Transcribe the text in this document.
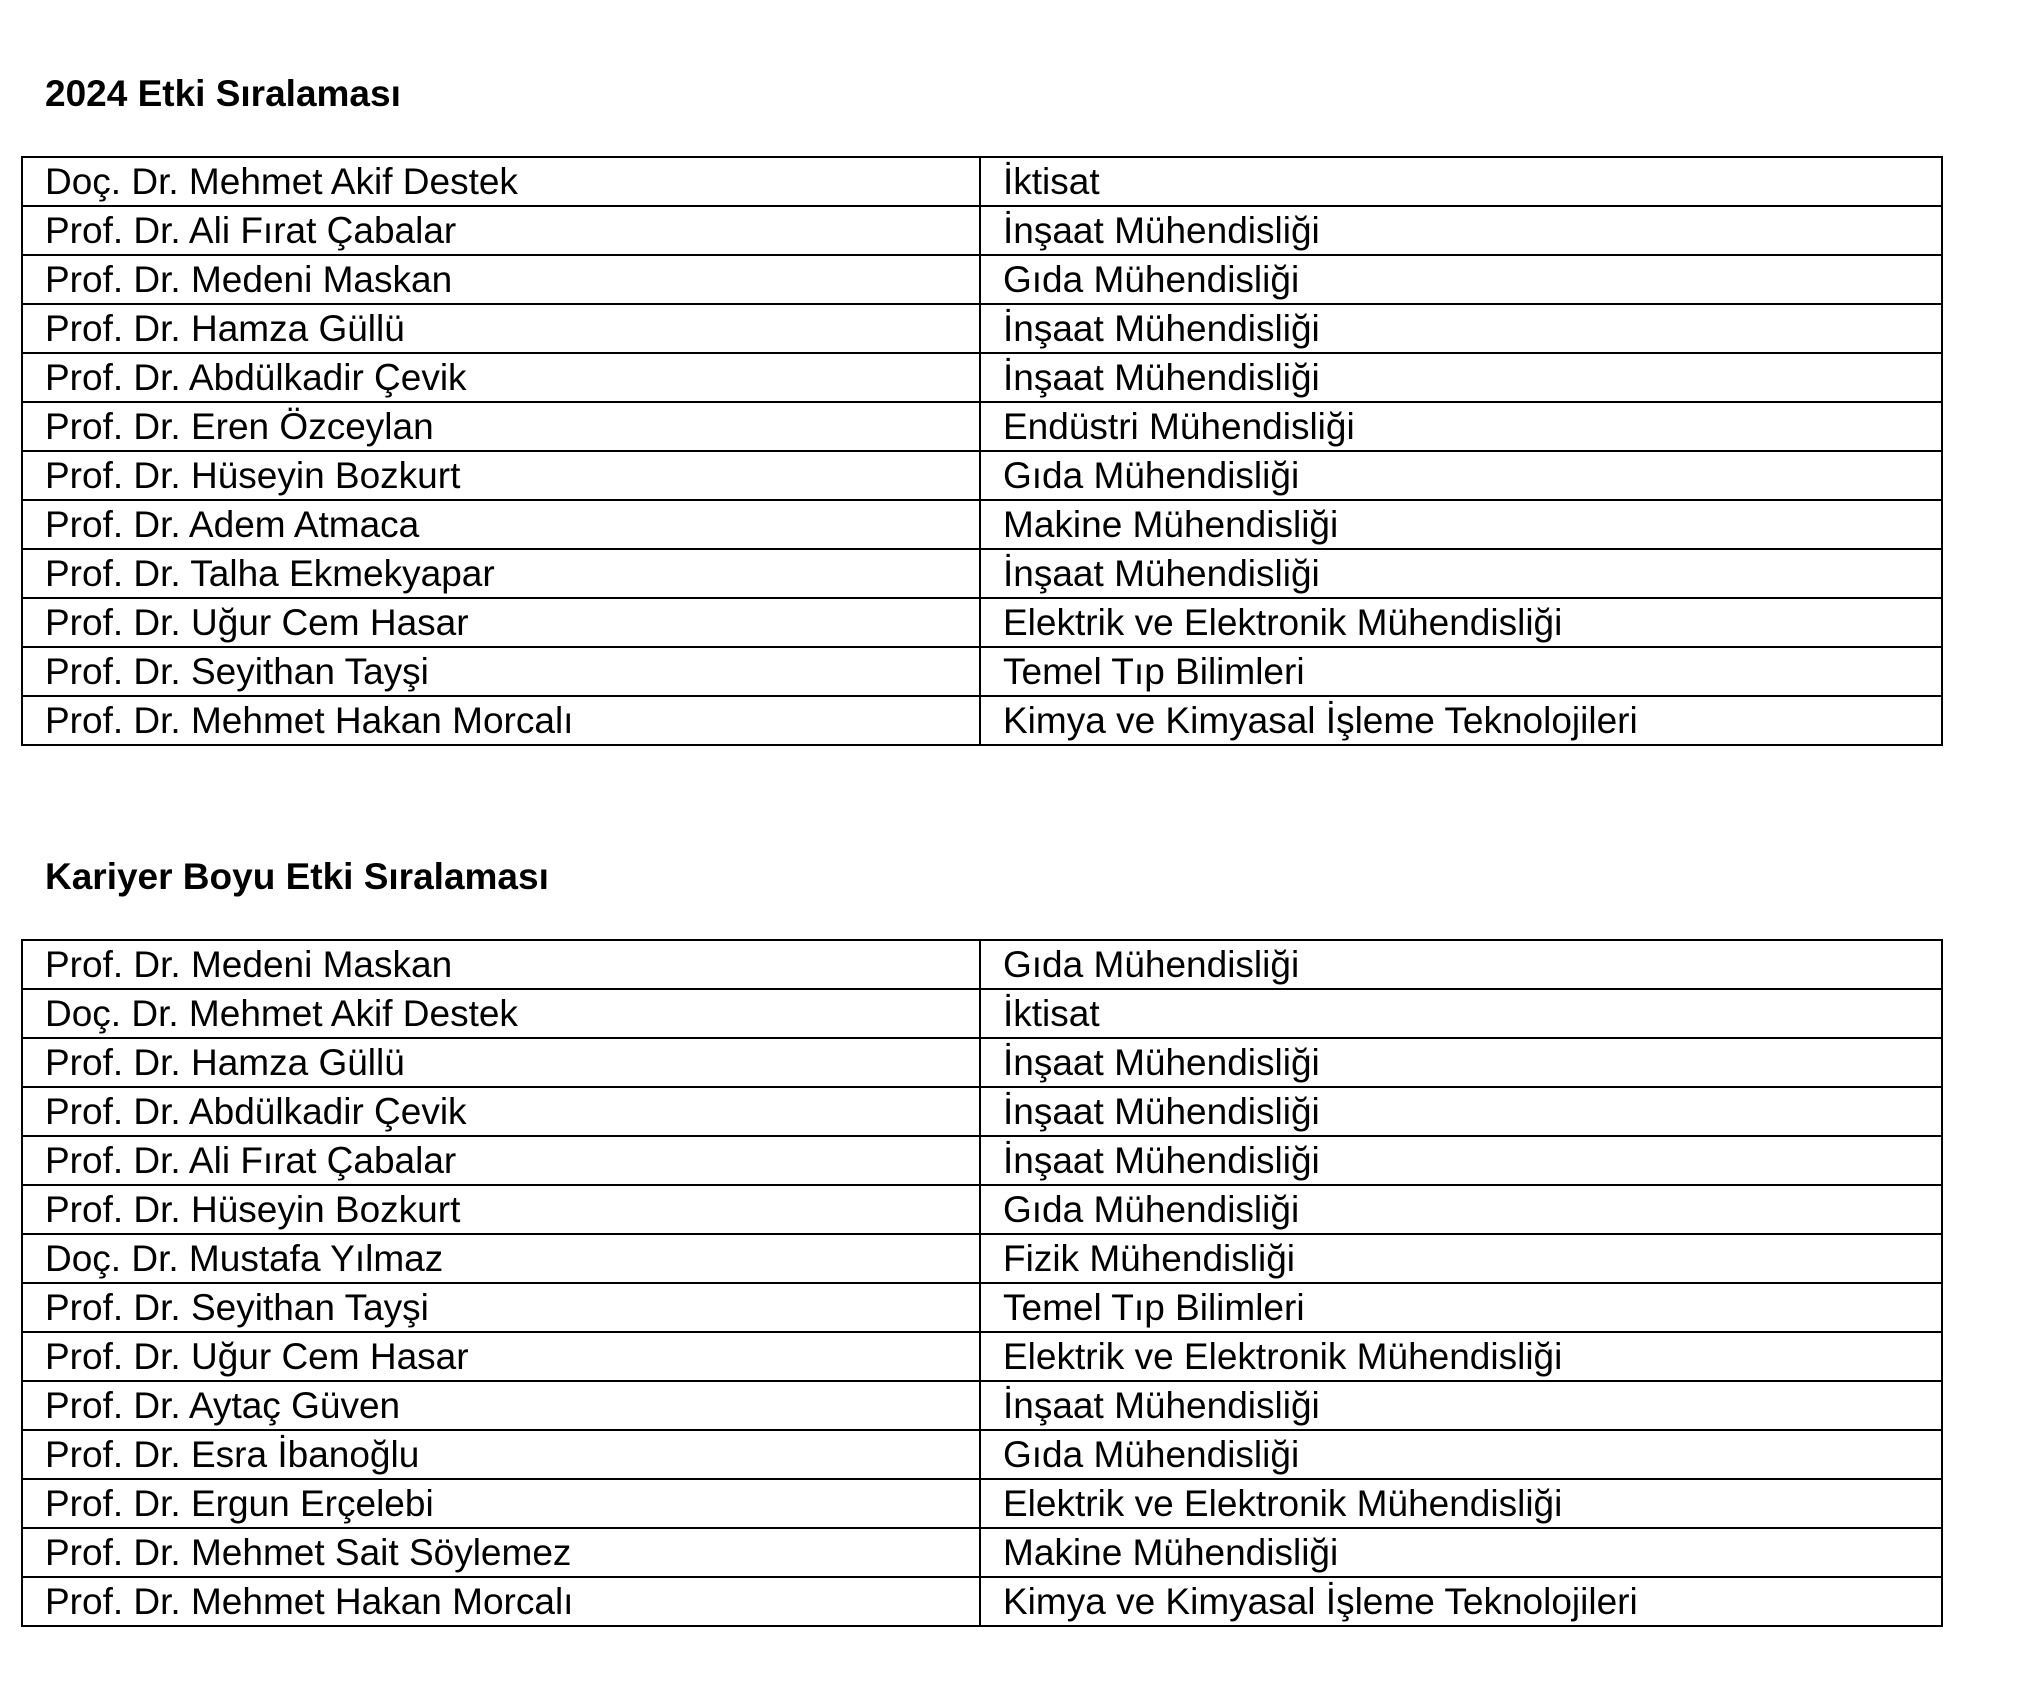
2024 Etki Sıralaması
Doç. Dr. Mehmet Akif Destek	İktisat
Prof. Dr. Ali Fırat Çabalar	İnşaat Mühendisliği
Prof. Dr. Medeni Maskan	Gıda Mühendisliği
Prof. Dr. Hamza Güllü	İnşaat Mühendisliği
Prof. Dr. Abdülkadir Çevik	İnşaat Mühendisliği
Prof. Dr. Eren Özceylan	Endüstri Mühendisliği
Prof. Dr. Hüseyin Bozkurt	Gıda Mühendisliği
Prof. Dr. Adem Atmaca	Makine Mühendisliği
Prof. Dr. Talha Ekmekyapar	İnşaat Mühendisliği
Prof. Dr. Uğur Cem Hasar	Elektrik ve Elektronik Mühendisliği
Prof. Dr. Seyithan Tayşi	Temel Tıp Bilimleri
Prof. Dr. Mehmet Hakan Morcalı	Kimya ve Kimyasal İşleme Teknolojileri
Kariyer Boyu Etki Sıralaması
Prof. Dr. Medeni Maskan	Gıda Mühendisliği
Doç. Dr. Mehmet Akif Destek	İktisat
Prof. Dr. Hamza Güllü	İnşaat Mühendisliği
Prof. Dr. Abdülkadir Çevik	İnşaat Mühendisliği
Prof. Dr. Ali Fırat Çabalar	İnşaat Mühendisliği
Prof. Dr. Hüseyin Bozkurt	Gıda Mühendisliği
Doç. Dr. Mustafa Yılmaz	Fizik Mühendisliği
Prof. Dr. Seyithan Tayşi	Temel Tıp Bilimleri
Prof. Dr. Uğur Cem Hasar	Elektrik ve Elektronik Mühendisliği
Prof. Dr. Aytaç Güven	İnşaat Mühendisliği
Prof. Dr. Esra İbanoğlu	Gıda Mühendisliği
Prof. Dr. Ergun Erçelebi	Elektrik ve Elektronik Mühendisliği
Prof. Dr. Mehmet Sait Söylemez	Makine Mühendisliği
Prof. Dr. Mehmet Hakan Morcalı	Kimya ve Kimyasal İşleme Teknolojileri
